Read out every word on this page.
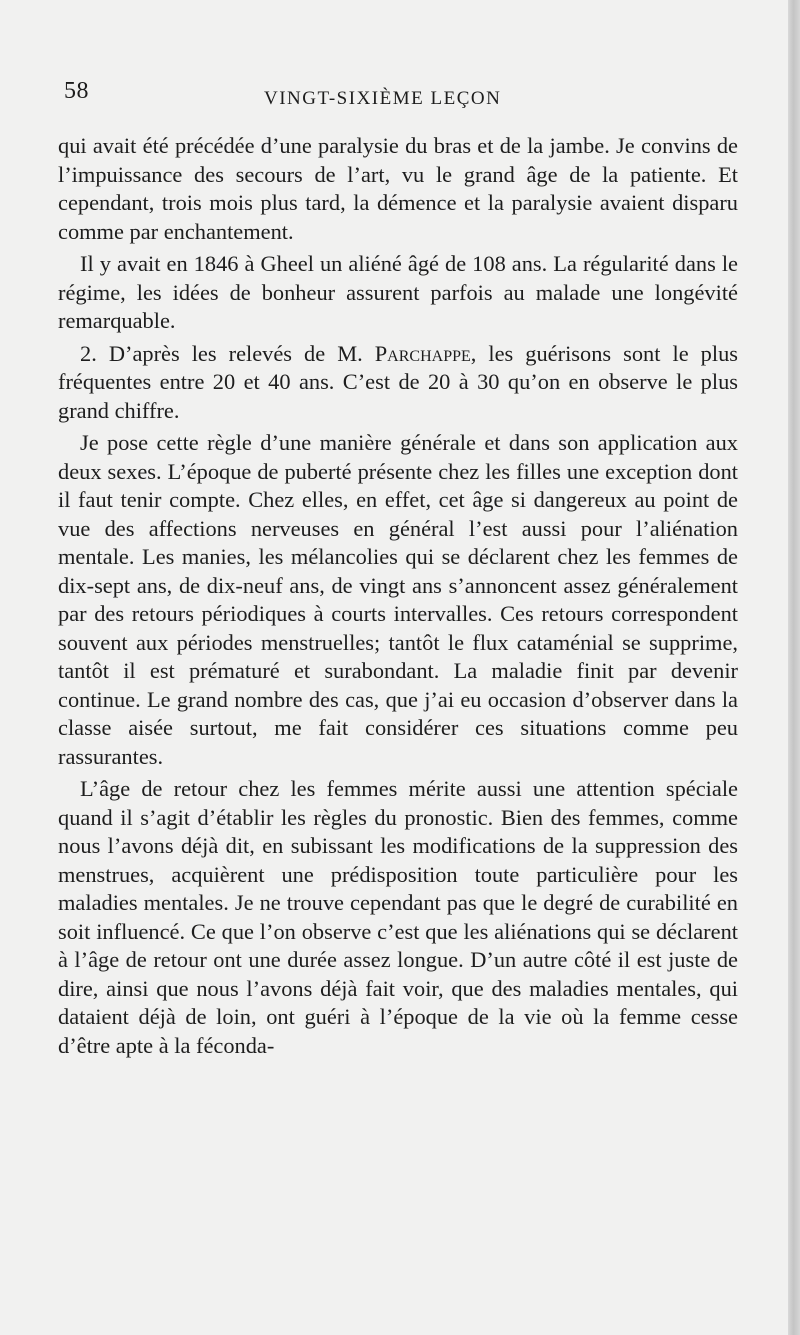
58	VINGT-SIXIÈME LEÇON

qui avait été précédée d’une paralysie du bras et de la jambe. Je convins de l’impuissance des secours de l’art, vu le grand âge de la patiente. Et cependant, trois mois plus tard, la démence et la paralysie avaient disparu comme par enchantement.

Il y avait en 1846 à Gheel un aliéné âgé de 108 ans. La régularité dans le régime, les idées de bonheur assurent parfois au malade une longévité remarquable.

2. D’après les relevés de M. Parchappe, les guérisons sont le plus fréquentes entre 20 et 40 ans. C’est de 20 à 30 qu’on en observe le plus grand chiffre.

Je pose cette règle d’une manière générale et dans son application aux deux sexes. L’époque de puberté présente chez les filles une exception dont il faut tenir compte. Chez elles, en effet, cet âge si dangereux au point de vue des affections nerveuses en général l’est aussi pour l’aliénation mentale. Les manies, les mélancolies qui se déclarent chez les femmes de dix-sept ans, de dix-neuf ans, de vingt ans s’annoncent assez généralement par des retours périodiques à courts intervalles. Ces retours correspondent souvent aux périodes menstruelles; tantôt le flux cataménial se supprime, tantôt il est prématuré et surabondant. La maladie finit par devenir continue. Le grand nombre des cas, que j’ai eu occasion d’observer dans la classe aisée surtout, me fait considérer ces situations comme peu rassurantes.

L’âge de retour chez les femmes mérite aussi une attention spéciale quand il s’agit d’établir les règles du pronostic. Bien des femmes, comme nous l’avons déjà dit, en subissant les modifications de la suppression des menstrues, acquièrent une prédisposition toute particulière pour les maladies mentales. Je ne trouve cependant pas que le degré de curabilité en soit influencé. Ce que l’on observe c’est que les aliénations qui se déclarent à l’âge de retour ont une durée assez longue. D’un autre côté il est juste de dire, ainsi que nous l’avons déjà fait voir, que des maladies mentales, qui dataient déjà de loin, ont guéri à l’époque de la vie où la femme cesse d’être apte à la féconda-
